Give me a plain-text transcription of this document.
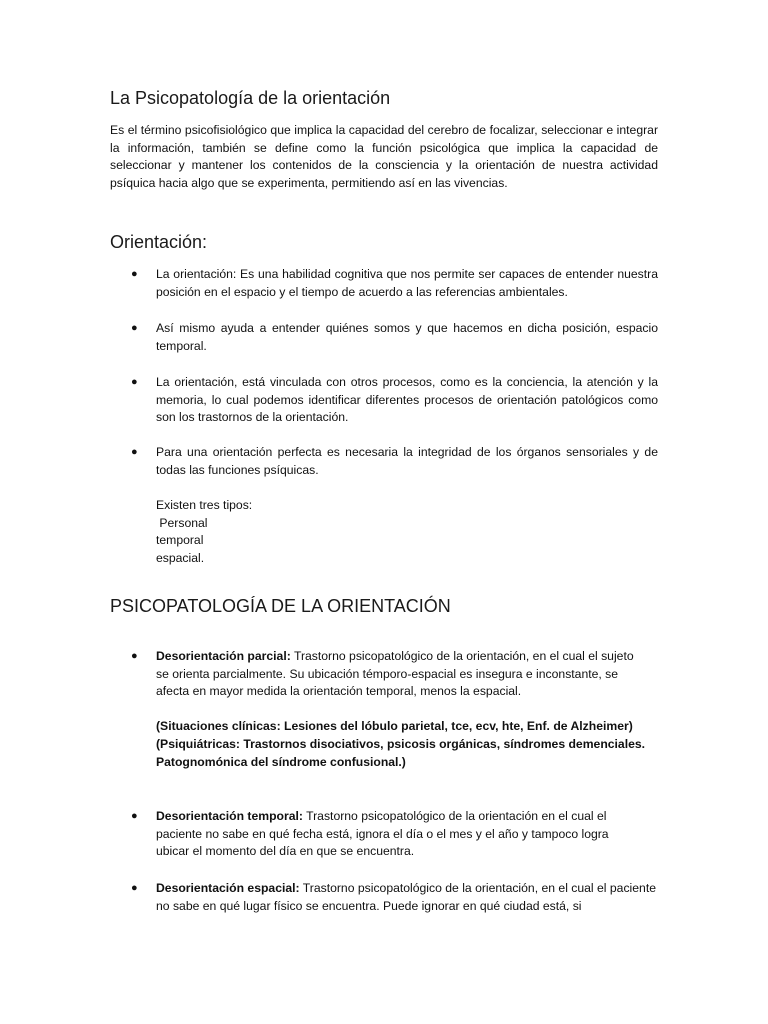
La Psicopatología de la orientación

Es el término psicofisiológico que implica la capacidad del cerebro de focalizar, seleccionar e integrar la información, también se define como la función psicológica que implica la capacidad de seleccionar y mantener los contenidos de la consciencia y la orientación de nuestra actividad psíquica hacia algo que se experimenta, permitiendo así en las vivencias.

Orientación:
● La orientación: Es una habilidad cognitiva que nos permite ser capaces de entender nuestra posición en el espacio y el tiempo de acuerdo a las referencias ambientales.

● Así mismo ayuda a entender quiénes somos y que hacemos en dicha posición, espacio temporal.

● La orientación, está vinculada con otros procesos, como es la conciencia, la atención y la memoria, lo cual podemos identificar diferentes procesos de orientación patológicos como son los trastornos de la orientación.

● Para una orientación perfecta es necesaria la integridad de los órganos sensoriales y de todas las funciones psíquicas.

Existen tres tipos:

Personal

temporal

espacial.

PSICOPATOLOGÍA DE LA ORIENTACIÓN
● Desorientación parcial: Trastorno psicopatológico de la orientación, en el cual el sujeto se orienta parcialmente. Su ubicación témporo-espacial es insegura e inconstante, se afecta en mayor medida la orientación temporal, menos la espacial.

(Situaciones clínicas: Lesiones del lóbulo parietal, tce, ecv, hte, Enf. de Alzheimer)

(Psiquiátricas: Trastornos disociativos, psicosis orgánicas, síndromes demenciales.

Patognomónica del síndrome confusional.)

● Desorientación temporal: Trastorno psicopatológico de la orientación en el cual el paciente no sabe en qué fecha está, ignora el día o el mes y el año y tampoco logra ubicar el momento del día en que se encuentra.

● Desorientación espacial: Trastorno psicopatológico de la orientación, en el cual el paciente no sabe en qué lugar físico se encuentra. Puede ignorar en qué ciudad está, si
